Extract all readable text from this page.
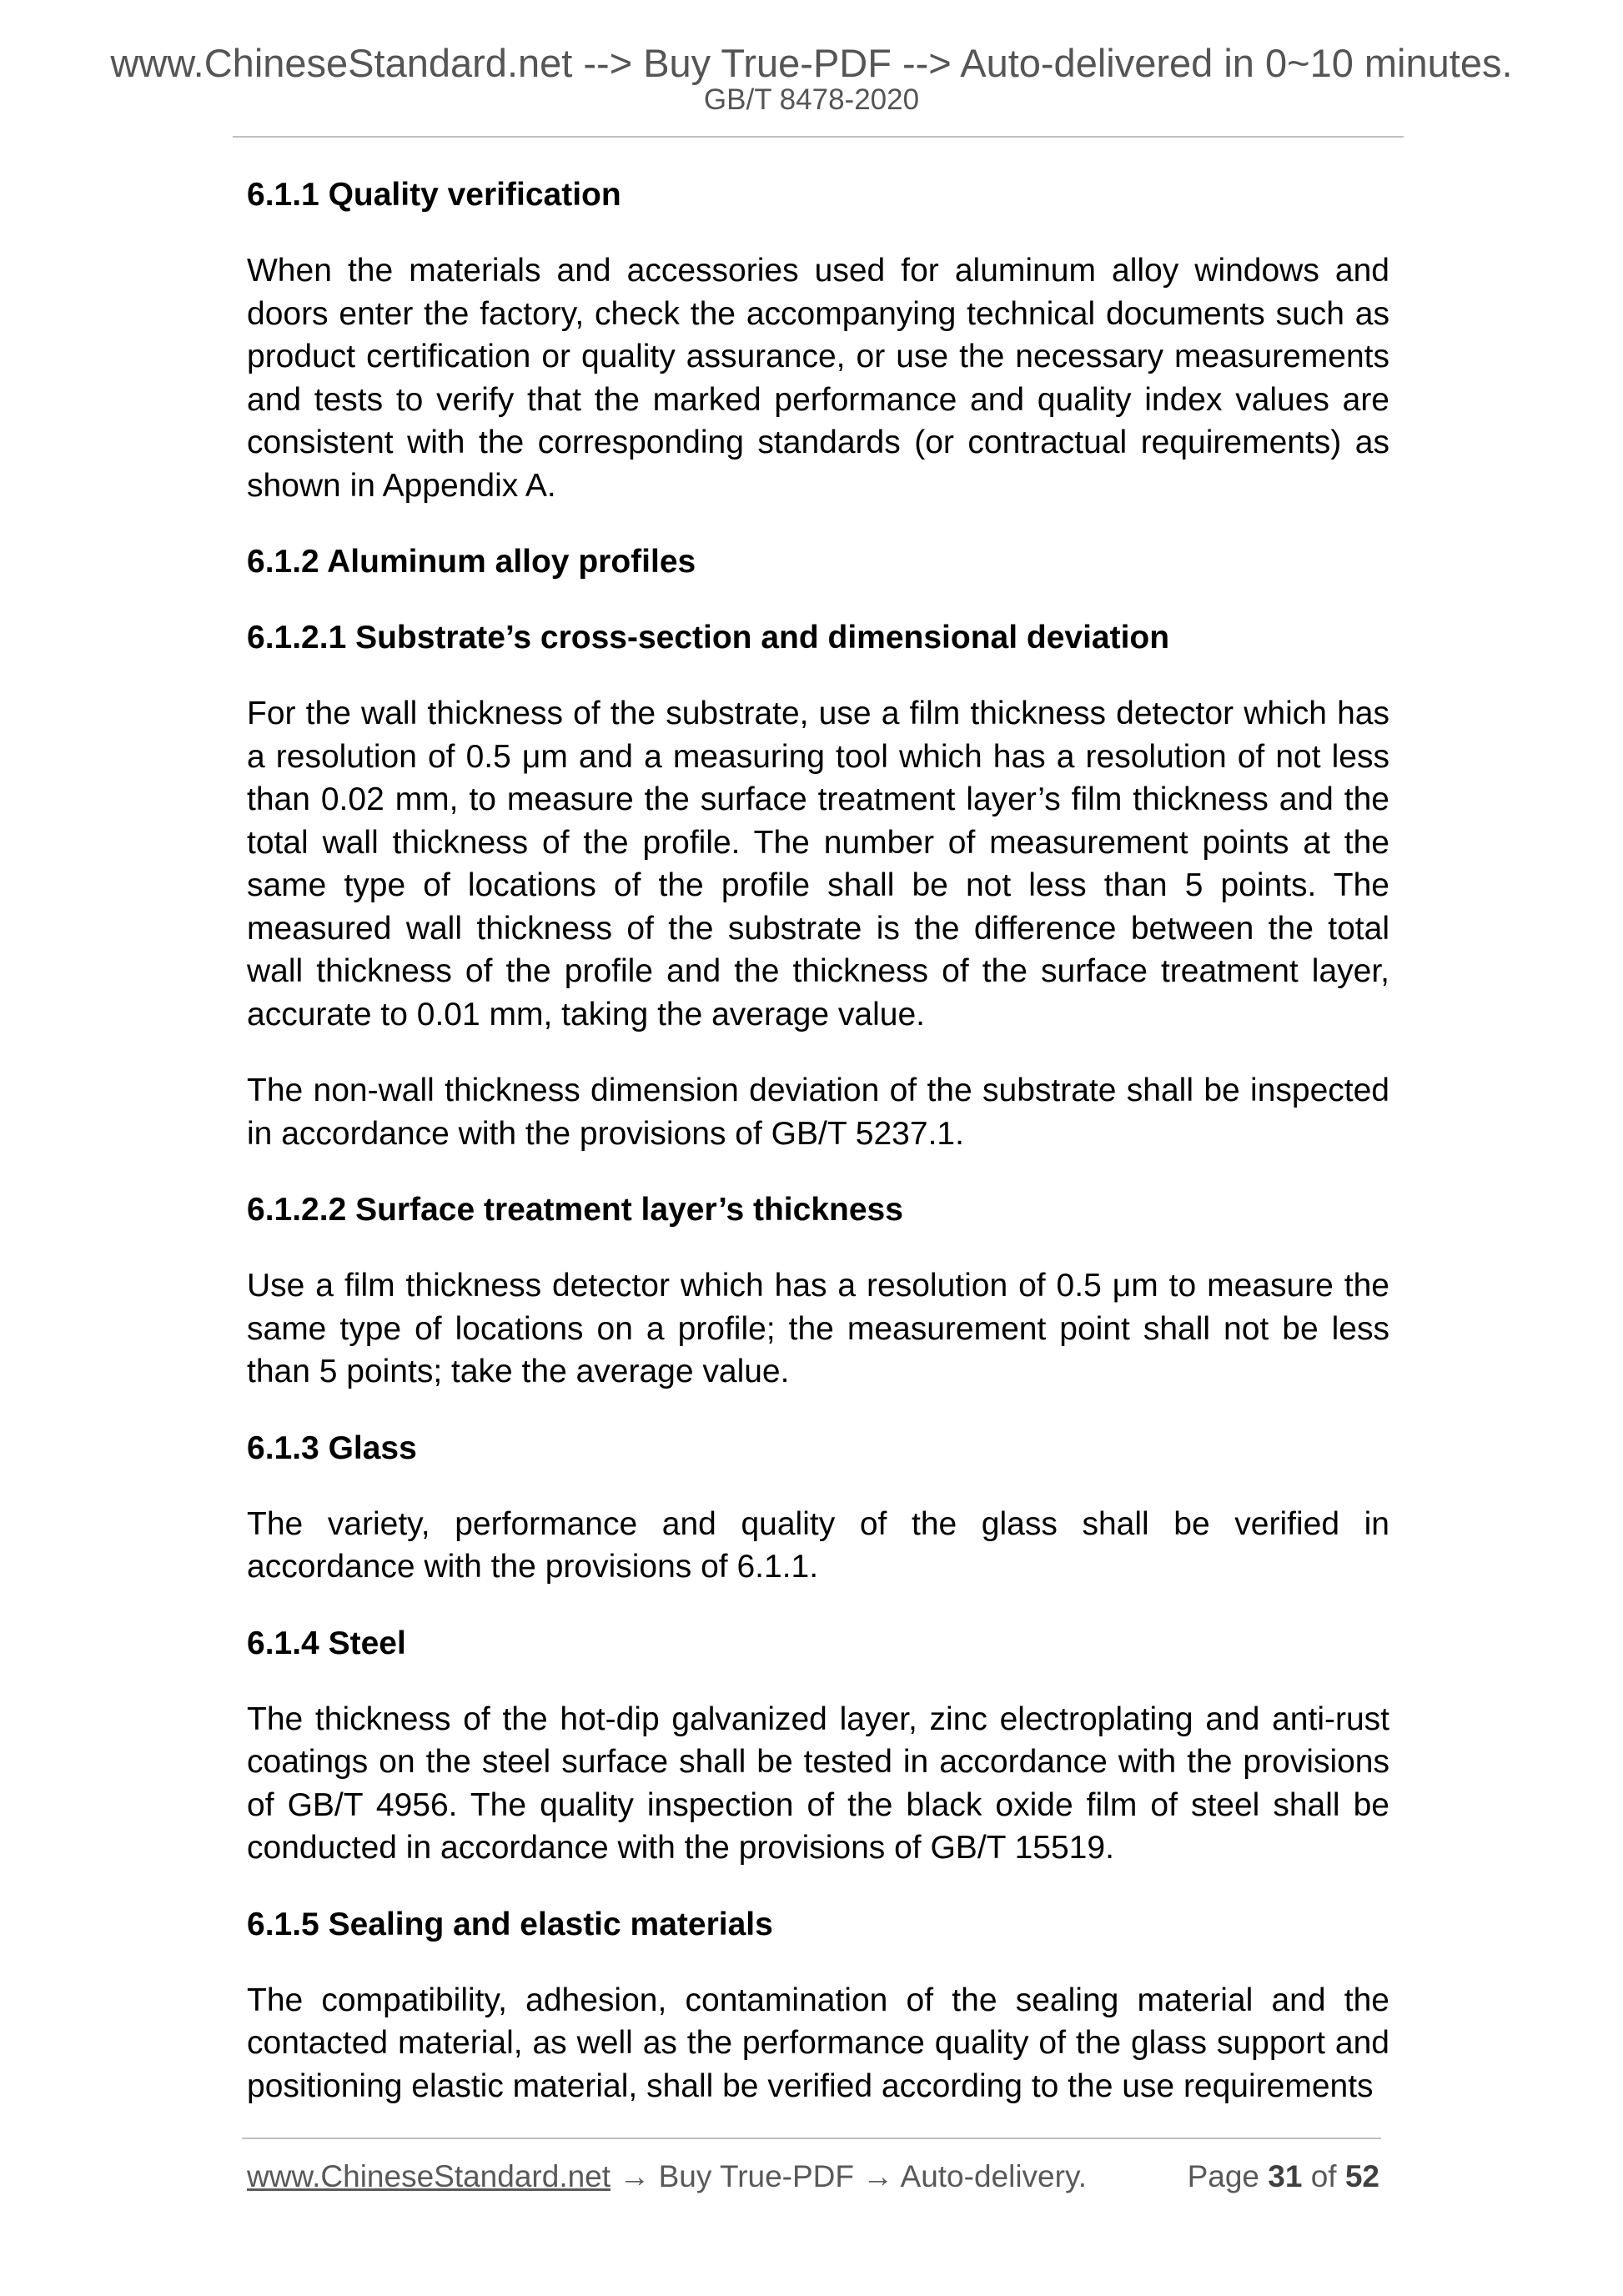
www.ChineseStandard.net --> Buy True-PDF --> Auto-delivered in 0~10 minutes.
GB/T 8478-2020
6.1.1 Quality verification
When the materials and accessories used for aluminum alloy windows and doors enter the factory, check the accompanying technical documents such as product certification or quality assurance, or use the necessary measurements and tests to verify that the marked performance and quality index values are consistent with the corresponding standards (or contractual requirements) as shown in Appendix A.
6.1.2 Aluminum alloy profiles
6.1.2.1 Substrate’s cross-section and dimensional deviation
For the wall thickness of the substrate, use a film thickness detector which has a resolution of 0.5 μm and a measuring tool which has a resolution of not less than 0.02 mm, to measure the surface treatment layer’s film thickness and the total wall thickness of the profile. The number of measurement points at the same type of locations of the profile shall be not less than 5 points. The measured wall thickness of the substrate is the difference between the total wall thickness of the profile and the thickness of the surface treatment layer, accurate to 0.01 mm, taking the average value.
The non-wall thickness dimension deviation of the substrate shall be inspected in accordance with the provisions of GB/T 5237.1.
6.1.2.2 Surface treatment layer’s thickness
Use a film thickness detector which has a resolution of 0.5 μm to measure the same type of locations on a profile; the measurement point shall not be less than 5 points; take the average value.
6.1.3 Glass
The variety, performance and quality of the glass shall be verified in accordance with the provisions of 6.1.1.
6.1.4 Steel
The thickness of the hot-dip galvanized layer, zinc electroplating and anti-rust coatings on the steel surface shall be tested in accordance with the provisions of GB/T 4956. The quality inspection of the black oxide film of steel shall be conducted in accordance with the provisions of GB/T 15519.
6.1.5 Sealing and elastic materials
The compatibility, adhesion, contamination of the sealing material and the contacted material, as well as the performance quality of the glass support and positioning elastic material, shall be verified according to the use requirements
www.ChineseStandard.net → Buy True-PDF → Auto-delivery.	Page 31 of 52
